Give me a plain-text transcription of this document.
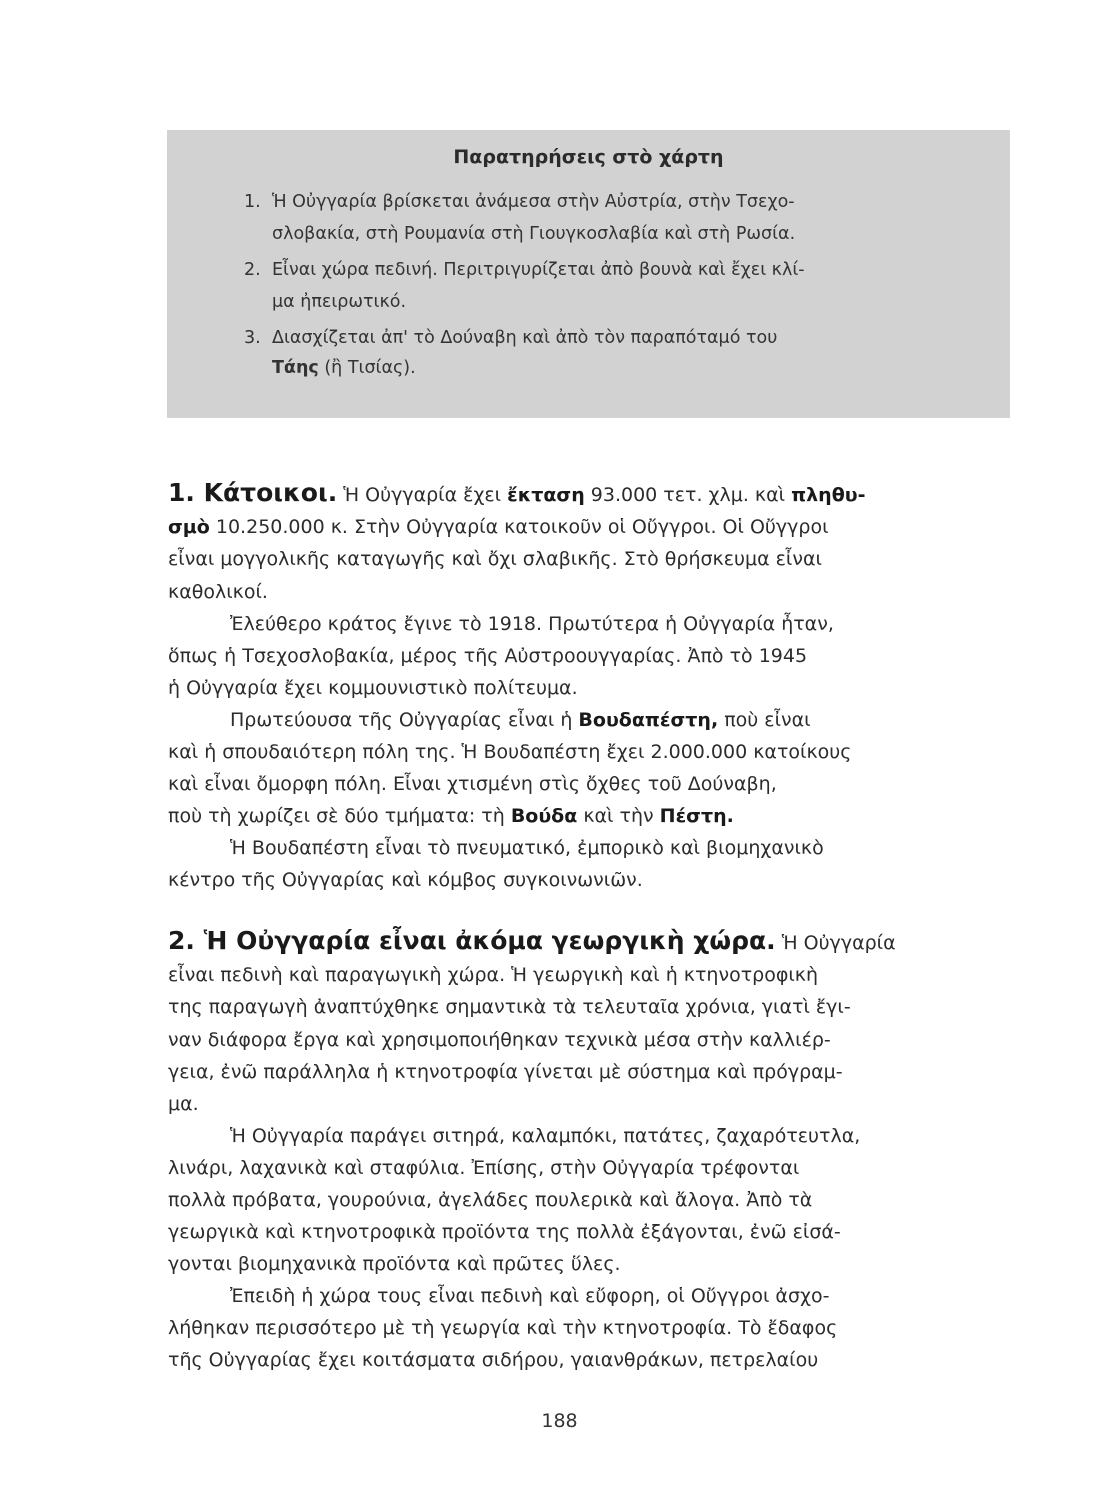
Παρατηρήσεις στὸ χάρτη
1. Ἡ Οὐγγαρία βρίσκεται ἀνάμεσα στὴν Αὐστρία, στὴν Τσεχο-
σλοβακία, στὴ Ρουμανία στὴ Γιουγκοσλαβία καὶ στὴ Ρωσία.
2. Εἶναι χώρα πεδινή. Περιτριγυρίζεται ἀπὸ βουνὰ καὶ ἔχει κλί-
μα ἠπειρωτικό.
3. Διασχίζεται ἀπ' τὸ Δούναβη καὶ ἀπὸ τὸν παραπόταμό του
Τάης (ἢ Τισίας).
1. Κάτοικοι. Ἡ Οὐγγαρία ἔχει ἔκταση 93.000 τετ. χλμ. καὶ πληθυ-
σμὸ 10.250.000 κ. Στὴν Οὐγγαρία κατοικοῦν οἱ Οὔγγροι. Οἱ Οὔγγροι
εἶναι μογγολικῆς καταγωγῆς καὶ ὄχι σλαβικῆς. Στὸ θρήσκευμα εἶναι
καθολικοί.
Ἐλεύθερο κράτος ἔγινε τὸ 1918. Πρωτύτερα ἡ Οὐγγαρία ἦταν,
ὅπως ἡ Τσεχοσλοβακία, μέρος τῆς Αὐστροουγγαρίας. Ἀπὸ τὸ 1945
ἡ Οὐγγαρία ἔχει κομμουνιστικὸ πολίτευμα.
Πρωτεύουσα τῆς Οὐγγαρίας εἶναι ἡ Βουδαπέστη, ποὺ εἶναι
καὶ ἡ σπουδαιότερη πόλη της. Ἡ Βουδαπέστη ἔχει 2.000.000 κατοίκους
καὶ εἶναι ὄμορφη πόλη. Εἶναι χτισμένη στὶς ὄχθες τοῦ Δούναβη,
ποὺ τὴ χωρίζει σὲ δύο τμήματα: τὴ Βούδα καὶ τὴν Πέστη.
Ἡ Βουδαπέστη εἶναι τὸ πνευματικό, ἐμπορικὸ καὶ βιομηχανικὸ
κέντρο τῆς Οὐγγαρίας καὶ κόμβος συγκοινωνιῶν.
2. Ἡ Οὐγγαρία εἶναι ἀκόμα γεωργικὴ χώρα. Ἡ Οὐγγαρία
εἶναι πεδινὴ καὶ παραγωγικὴ χώρα. Ἡ γεωργικὴ καὶ ἡ κτηνοτροφικὴ
της παραγωγὴ ἀναπτύχθηκε σημαντικὰ τὰ τελευταῖα χρόνια, γιατὶ ἔγι-
ναν διάφορα ἔργα καὶ χρησιμοποιήθηκαν τεχνικὰ μέσα στὴν καλλιέρ-
γεια, ἐνῶ παράλληλα ἡ κτηνοτροφία γίνεται μὲ σύστημα καὶ πρόγραμ-
μα.
Ἡ Οὐγγαρία παράγει σιτηρά, καλαμπόκι, πατάτες, ζαχαρότευτλα,
λινάρι, λαχανικὰ καὶ σταφύλια. Ἐπίσης, στὴν Οὐγγαρία τρέφονται
πολλὰ πρόβατα, γουρούνια, ἀγελάδες πουλερικὰ καὶ ἄλογα. Ἀπὸ τὰ
γεωργικὰ καὶ κτηνοτροφικὰ προϊόντα της πολλὰ ἐξάγονται, ἐνῶ εἰσά-
γονται βιομηχανικὰ προϊόντα καὶ πρῶτες ὕλες.
Ἐπειδὴ ἡ χώρα τους εἶναι πεδινὴ καὶ εὔφορη, οἱ Οὔγγροι ἀσχο-
λήθηκαν περισσότερο μὲ τὴ γεωργία καὶ τὴν κτηνοτροφία. Τὸ ἔδαφος
τῆς Οὐγγαρίας ἔχει κοιτάσματα σιδήρου, γαιανθράκων, πετρελαίου
188
